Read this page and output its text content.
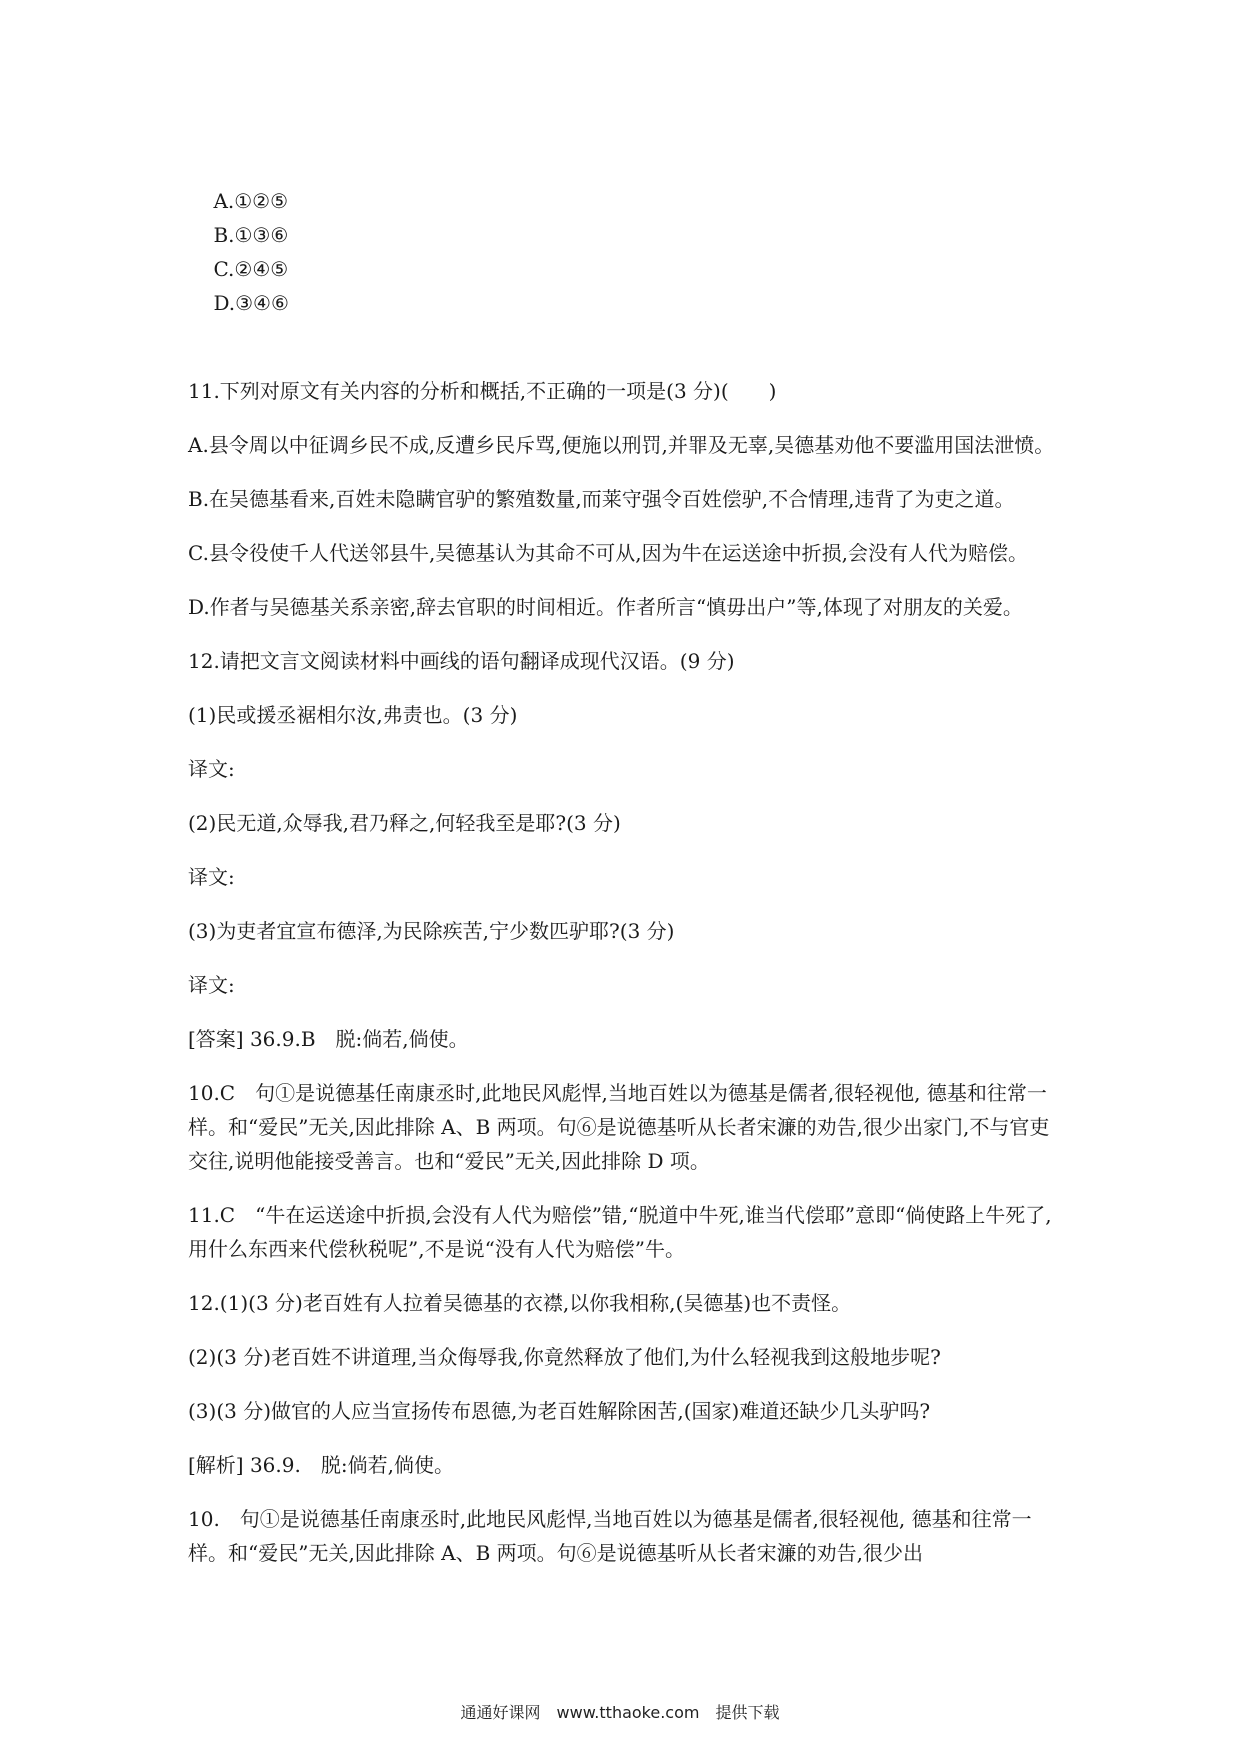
A.①②⑤
B.①③⑥
C.②④⑤
D.③④⑥

11.下列对原文有关内容的分析和概括,不正确的一项是(3 分)(　　)

A.县令周以中征调乡民不成,反遭乡民斥骂,便施以刑罚,并罪及无辜,吴德基劝他不要滥用国法泄愤。

B.在吴德基看来,百姓未隐瞒官驴的繁殖数量,而莱守强令百姓偿驴,不合情理,违背了为吏之道。

C.县令役使千人代送邻县牛,吴德基认为其命不可从,因为牛在运送途中折损,会没有人代为赔偿。

D.作者与吴德基关系亲密,辞去官职的时间相近。作者所言“慎毋出户”等,体现了对朋友的关爱。

12.请把文言文阅读材料中画线的语句翻译成现代汉语。(9 分)

(1)民或援丞裾相尔汝,弗责也。(3 分)

译文:

(2)民无道,众辱我,君乃释之,何轻我至是耶?(3 分)

译文:

(3)为吏者宜宣布德泽,为民除疾苦,宁少数匹驴耶?(3 分)

译文:

[答案] 36.9.B　脱:倘若,倘使。

10.C　句①是说德基任南康丞时,此地民风彪悍,当地百姓以为德基是儒者,很轻视他, 德基和往常一样。和“爱民”无关,因此排除 A、B 两项。句⑥是说德基听从长者宋濂的劝告,很少出家门,不与官吏交往,说明他能接受善言。也和“爱民”无关,因此排除 D 项。

11.C　“牛在运送途中折损,会没有人代为赔偿”错,“脱道中牛死,谁当代偿耶”意即“倘使路上牛死了,用什么东西来代偿秋税呢”,不是说“没有人代为赔偿”牛。

12.(1)(3 分)老百姓有人拉着吴德基的衣襟,以你我相称,(吴德基)也不责怪。

(2)(3 分)老百姓不讲道理,当众侮辱我,你竟然释放了他们,为什么轻视我到这般地步呢?

(3)(3 分)做官的人应当宣扬传布恩德,为老百姓解除困苦,(国家)难道还缺少几头驴吗?

[解析] 36.9.　脱:倘若,倘使。

10.　句①是说德基任南康丞时,此地民风彪悍,当地百姓以为德基是儒者,很轻视他, 德基和往常一样。和“爱民”无关,因此排除 A、B 两项。句⑥是说德基听从长者宋濂的劝告,很少出

通通好课网　www.tthaoke.com　提供下载
